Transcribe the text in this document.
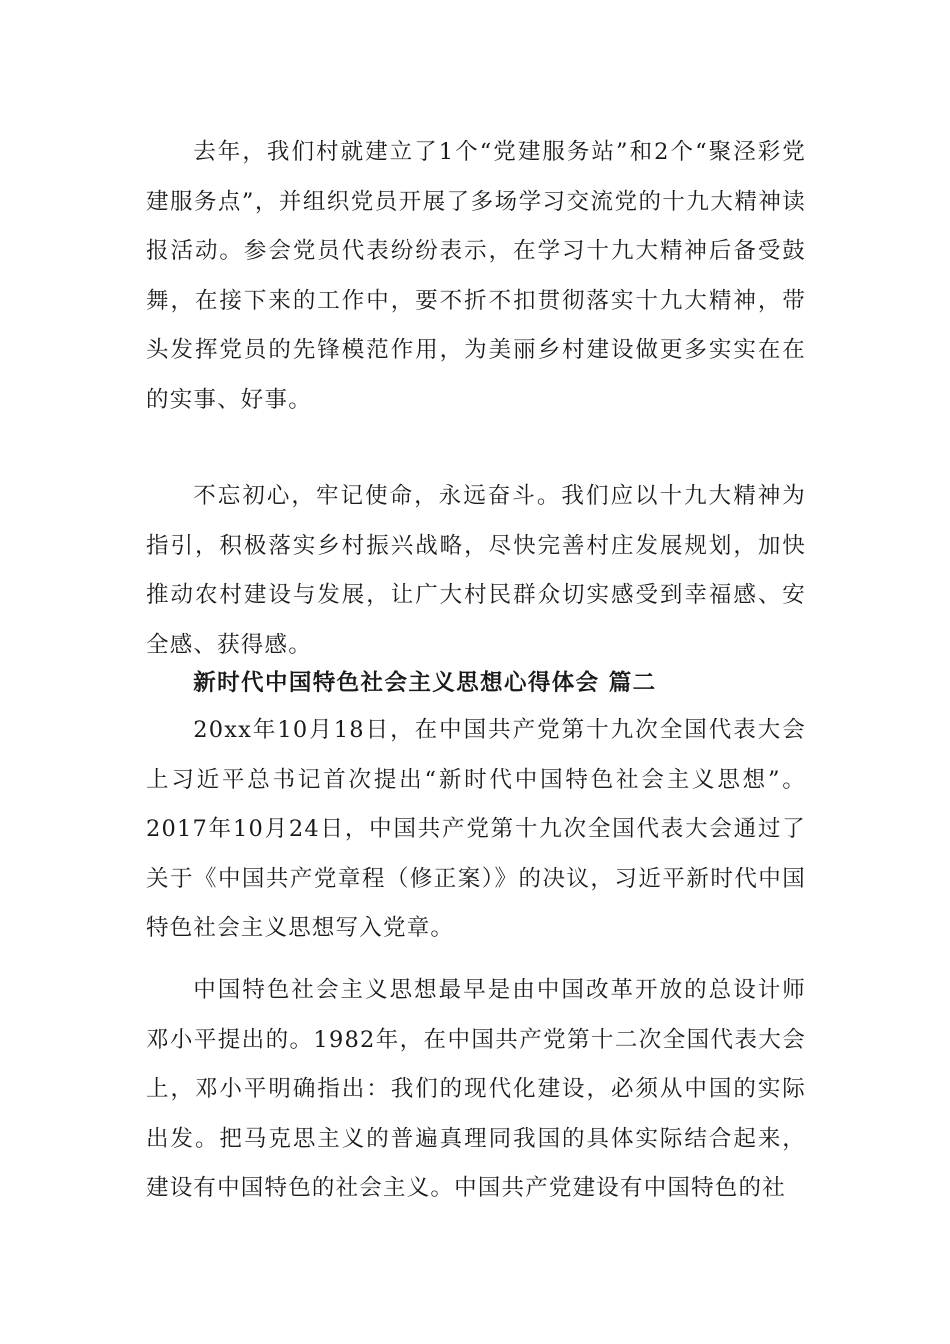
去年，我们村就建立了1个“党建服务站”和2个“聚泾彩党建服务点”，并组织党员开展了多场学习交流党的十九大精神读报活动。参会党员代表纷纷表示，在学习十九大精神后备受鼓舞，在接下来的工作中，要不折不扣贯彻落实十九大精神，带头发挥党员的先锋模范作用，为美丽乡村建设做更多实实在在的实事、好事。

不忘初心，牢记使命，永远奋斗。我们应以十九大精神为指引，积极落实乡村振兴战略，尽快完善村庄发展规划，加快推动农村建设与发展，让广大村民群众切实感受到幸福感、安全感、获得感。

新时代中国特色社会主义思想心得体会 篇二

20xx年10月18日，在中国共产党第十九次全国代表大会上习近平总书记首次提出“新时代中国特色社会主义思想”。2017年10月24日，中国共产党第十九次全国代表大会通过了关于《中国共产党章程（修正案）》的决议，习近平新时代中国特色社会主义思想写入党章。

中国特色社会主义思想最早是由中国改革开放的总设计师邓小平提出的。1982年，在中国共产党第十二次全国代表大会上，邓小平明确指出：我们的现代化建设，必须从中国的实际出发。把马克思主义的普遍真理同我国的具体实际结合起来，建设有中国特色的社会主义。中国共产党建设有中国特色的社
